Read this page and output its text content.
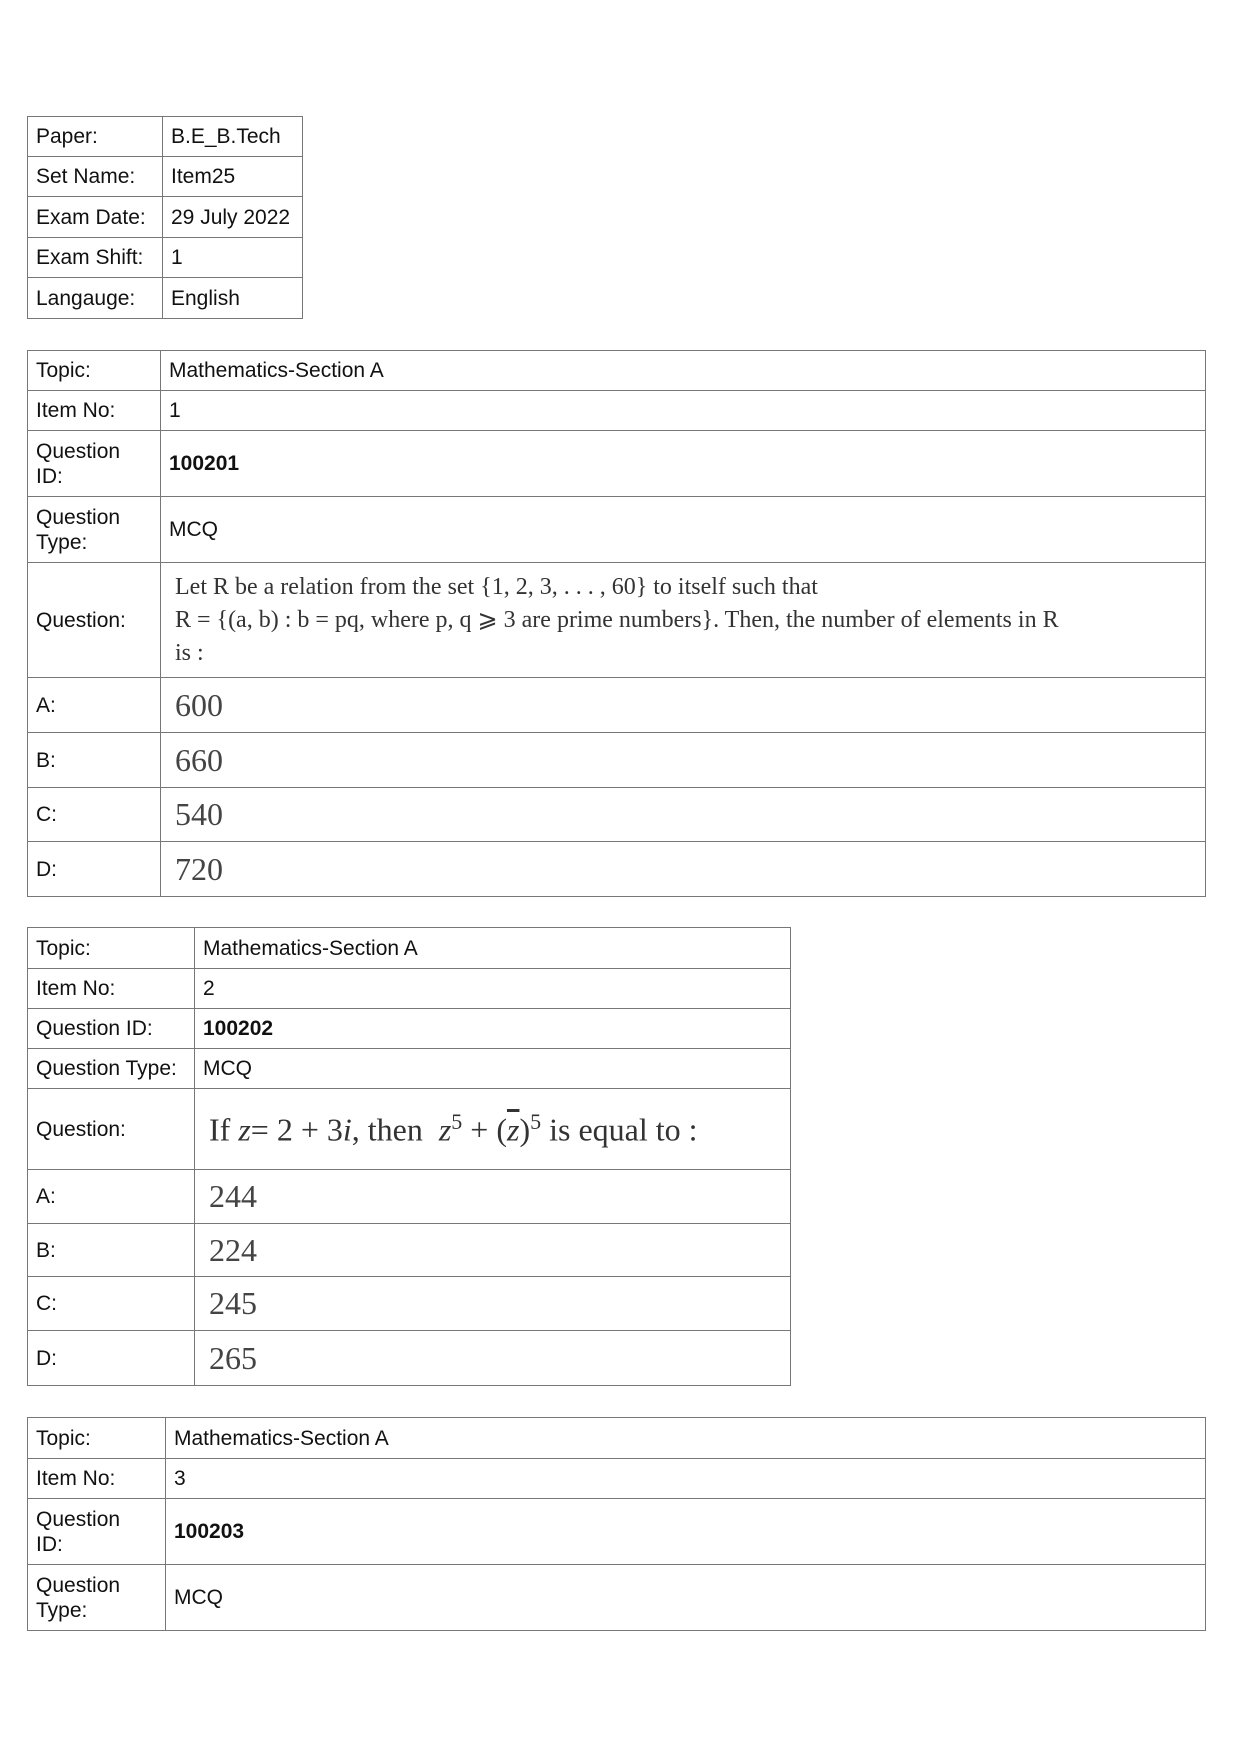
Paper:	B.E_B.Tech
Set Name:	Item25
Exam Date:	29 July 2022
Exam Shift:	1
Langauge:	English
Topic:	Mathematics-Section A
Item No:	1
Question
ID:	100201
Question
Type:	MCQ
Question:	Let R be a relation from the set {1, 2, 3, . . . , 60} to itself such that
R = {(a, b) : b = pq, where p, q ⩾ 3 are prime numbers}. Then, the number of elements in R
is :

A:	600
B:	660
C:	540
D:	720
Topic:	Mathematics-Section A
Item No:	2
Question ID:	100202
Question Type:	MCQ
Question:	If z= 2 + 3i, then $z^5 + (\overline{z})^5$ is equal to :
A:	244
B:	224
C:	245
D:	265
Topic:	Mathematics-Section A
Item No:	3
Question
ID:	100203
Question
Type:	MCQ
